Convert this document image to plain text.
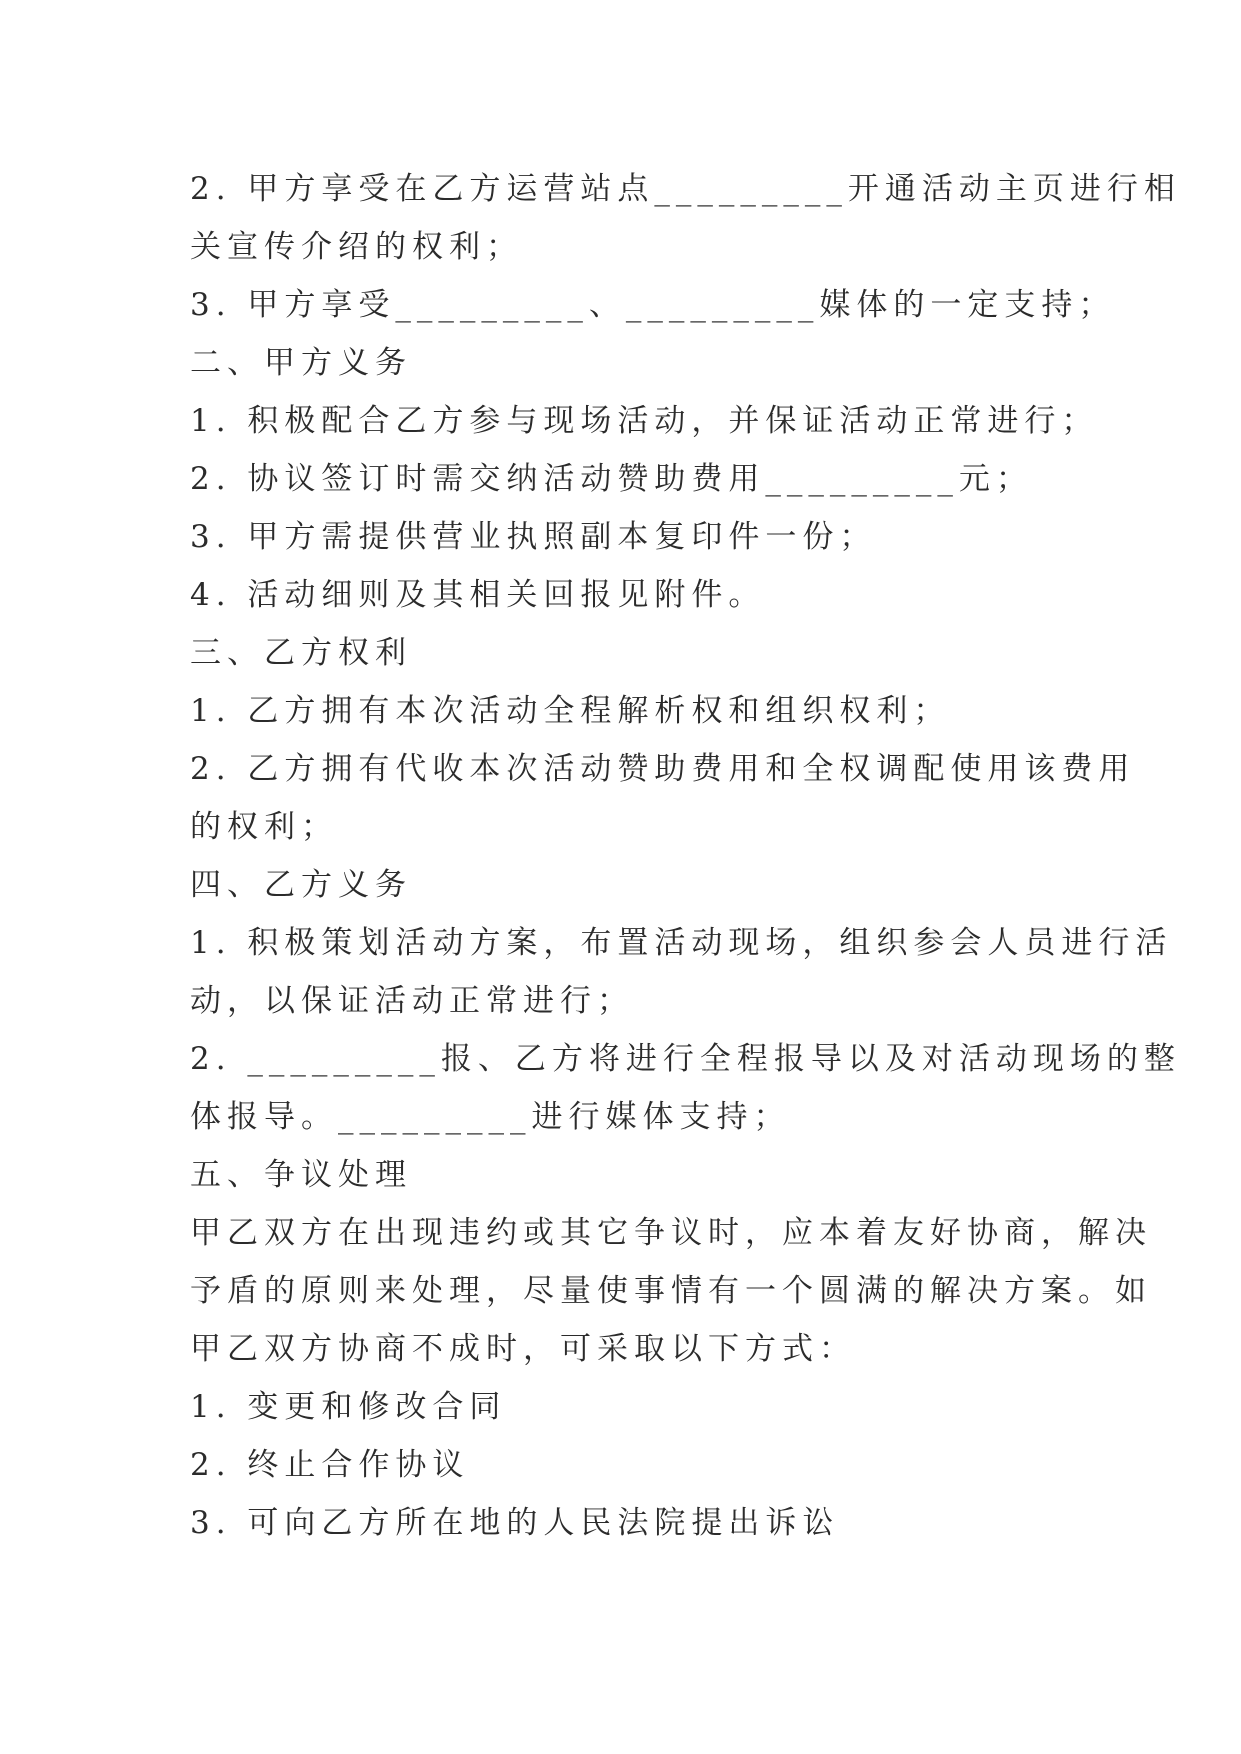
2. 甲方享受在乙方运营站点_________开通活动主页进行相
关宣传介绍的权利；
3. 甲方享受_________、_________媒体的一定支持；
二、甲方义务
1. 积极配合乙方参与现场活动，并保证活动正常进行；
2. 协议签订时需交纳活动赞助费用_________元；
3. 甲方需提供营业执照副本复印件一份；
4. 活动细则及其相关回报见附件。
三、乙方权利
1. 乙方拥有本次活动全程解析权和组织权利；
2. 乙方拥有代收本次活动赞助费用和全权调配使用该费用
的权利；
四、乙方义务
1. 积极策划活动方案，布置活动现场，组织参会人员进行活
动，以保证活动正常进行；
2. _________报、乙方将进行全程报导以及对活动现场的整
体报导。_________进行媒体支持；
五、争议处理
甲乙双方在出现违约或其它争议时，应本着友好协商，解决
予盾的原则来处理，尽量使事情有一个圆满的解决方案。如
甲乙双方协商不成时，可采取以下方式：
1. 变更和修改合同
2. 终止合作协议
3. 可向乙方所在地的人民法院提出诉讼
